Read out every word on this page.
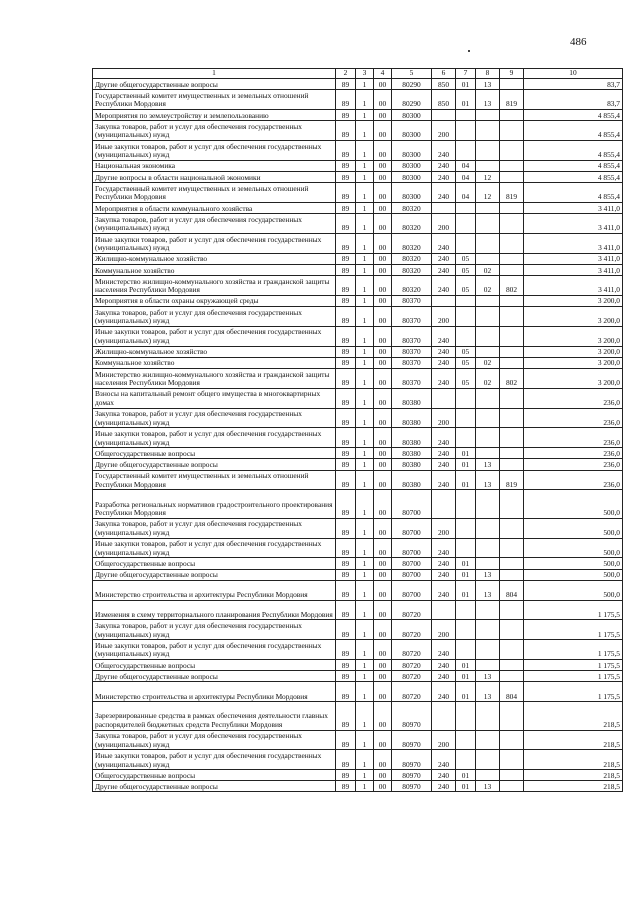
486
1	2	3	4	5	6	7	8	9	10
Другие общегосударственные вопросы	89	1	00	80290	850	01	13		83,7
Государственный комитет имущественных и земельных отношений Республики Мордовия	89	1	00	80290	850	01	13	819	83,7
Мероприятия по землеустройству и землепользованию	89	1	00	80300					4 855,4
Закупка товаров, работ и услуг для обеспечения государственных (муниципальных) нужд	89	1	00	80300	200				4 855,4
Иные закупки товаров, работ и услуг для обеспечения государственных (муниципальных) нужд	89	1	00	80300	240				4 855,4
Национальная экономика	89	1	00	80300	240	04			4 855,4
Другие вопросы в области национальной экономики	89	1	00	80300	240	04	12		4 855,4
Государственный комитет имущественных и земельных отношений Республики Мордовия	89	1	00	80300	240	04	12	819	4 855,4
Мероприятия в области коммунального хозяйства	89	1	00	80320					3 411,0
Закупка товаров, работ и услуг для обеспечения государственных (муниципальных) нужд	89	1	00	80320	200				3 411,0
Иные закупки товаров, работ и услуг для обеспечения государственных (муниципальных) нужд	89	1	00	80320	240				3 411,0
Жилищно-коммунальное хозяйство	89	1	00	80320	240	05			3 411,0
Коммунальное хозяйство	89	1	00	80320	240	05	02		3 411,0
Министерство жилищно-коммунального хозяйства и гражданской защиты населения Республики Мордовия	89	1	00	80320	240	05	02	802	3 411,0
Мероприятия в области охраны окружающей среды	89	1	00	80370					3 200,0
Закупка товаров, работ и услуг для обеспечения государственных (муниципальных) нужд	89	1	00	80370	200				3 200,0
Иные закупки товаров, работ и услуг для обеспечения государственных (муниципальных) нужд	89	1	00	80370	240				3 200,0
Жилищно-коммунальное хозяйство	89	1	00	80370	240	05			3 200,0
Коммунальное хозяйство	89	1	00	80370	240	05	02		3 200,0
Министерство жилищно-коммунального хозяйства и гражданской защиты населения Республики Мордовия	89	1	00	80370	240	05	02	802	3 200,0
Взносы на капитальный ремонт общего имущества в многоквартирных домах	89	1	00	80380					236,0
Закупка товаров, работ и услуг для обеспечения государственных (муниципальных) нужд	89	1	00	80380	200				236,0
Иные закупки товаров, работ и услуг для обеспечения государственных (муниципальных) нужд	89	1	00	80380	240				236,0
Общегосударственные вопросы	89	1	00	80380	240	01			236,0
Другие общегосударственные вопросы	89	1	00	80380	240	01	13		236,0
Государственный комитет имущественных и земельных отношений Республики Мордовия	89	1	00	80380	240	01	13	819	236,0
Разработка региональных нормативов градостроительного проектирования Республики Мордовия	89	1	00	80700					500,0
Закупка товаров, работ и услуг для обеспечения государственных (муниципальных) нужд	89	1	00	80700	200				500,0
Иные закупки товаров, работ и услуг для обеспечения государственных (муниципальных) нужд	89	1	00	80700	240				500,0
Общегосударственные вопросы	89	1	00	80700	240	01			500,0
Другие общегосударственные вопросы	89	1	00	80700	240	01	13		500,0
Министерство строительства и архитектуры Республики Мордовия	89	1	00	80700	240	01	13	804	500,0
Изменения в схему территориального планирования Республики Мордовия	89	1	00	80720					1 175,5
Закупка товаров, работ и услуг для обеспечения государственных (муниципальных) нужд	89	1	00	80720	200				1 175,5
Иные закупки товаров, работ и услуг для обеспечения государственных (муниципальных) нужд	89	1	00	80720	240				1 175,5
Общегосударственные вопросы	89	1	00	80720	240	01			1 175,5
Другие общегосударственные вопросы	89	1	00	80720	240	01	13		1 175,5
Министерство строительства и архитектуры Республики Мордовия	89	1	00	80720	240	01	13	804	1 175,5
Зарезервированные средства в рамках обеспечения деятельности главных распорядителей бюджетных средств Республики Мордовия	89	1	00	80970					218,5
Закупка товаров, работ и услуг для обеспечения государственных (муниципальных) нужд	89	1	00	80970	200				218,5
Иные закупки товаров, работ и услуг для обеспечения государственных (муниципальных) нужд	89	1	00	80970	240				218,5
Общегосударственные вопросы	89	1	00	80970	240	01			218,5
Другие общегосударственные вопросы	89	1	00	80970	240	01	13		218,5
